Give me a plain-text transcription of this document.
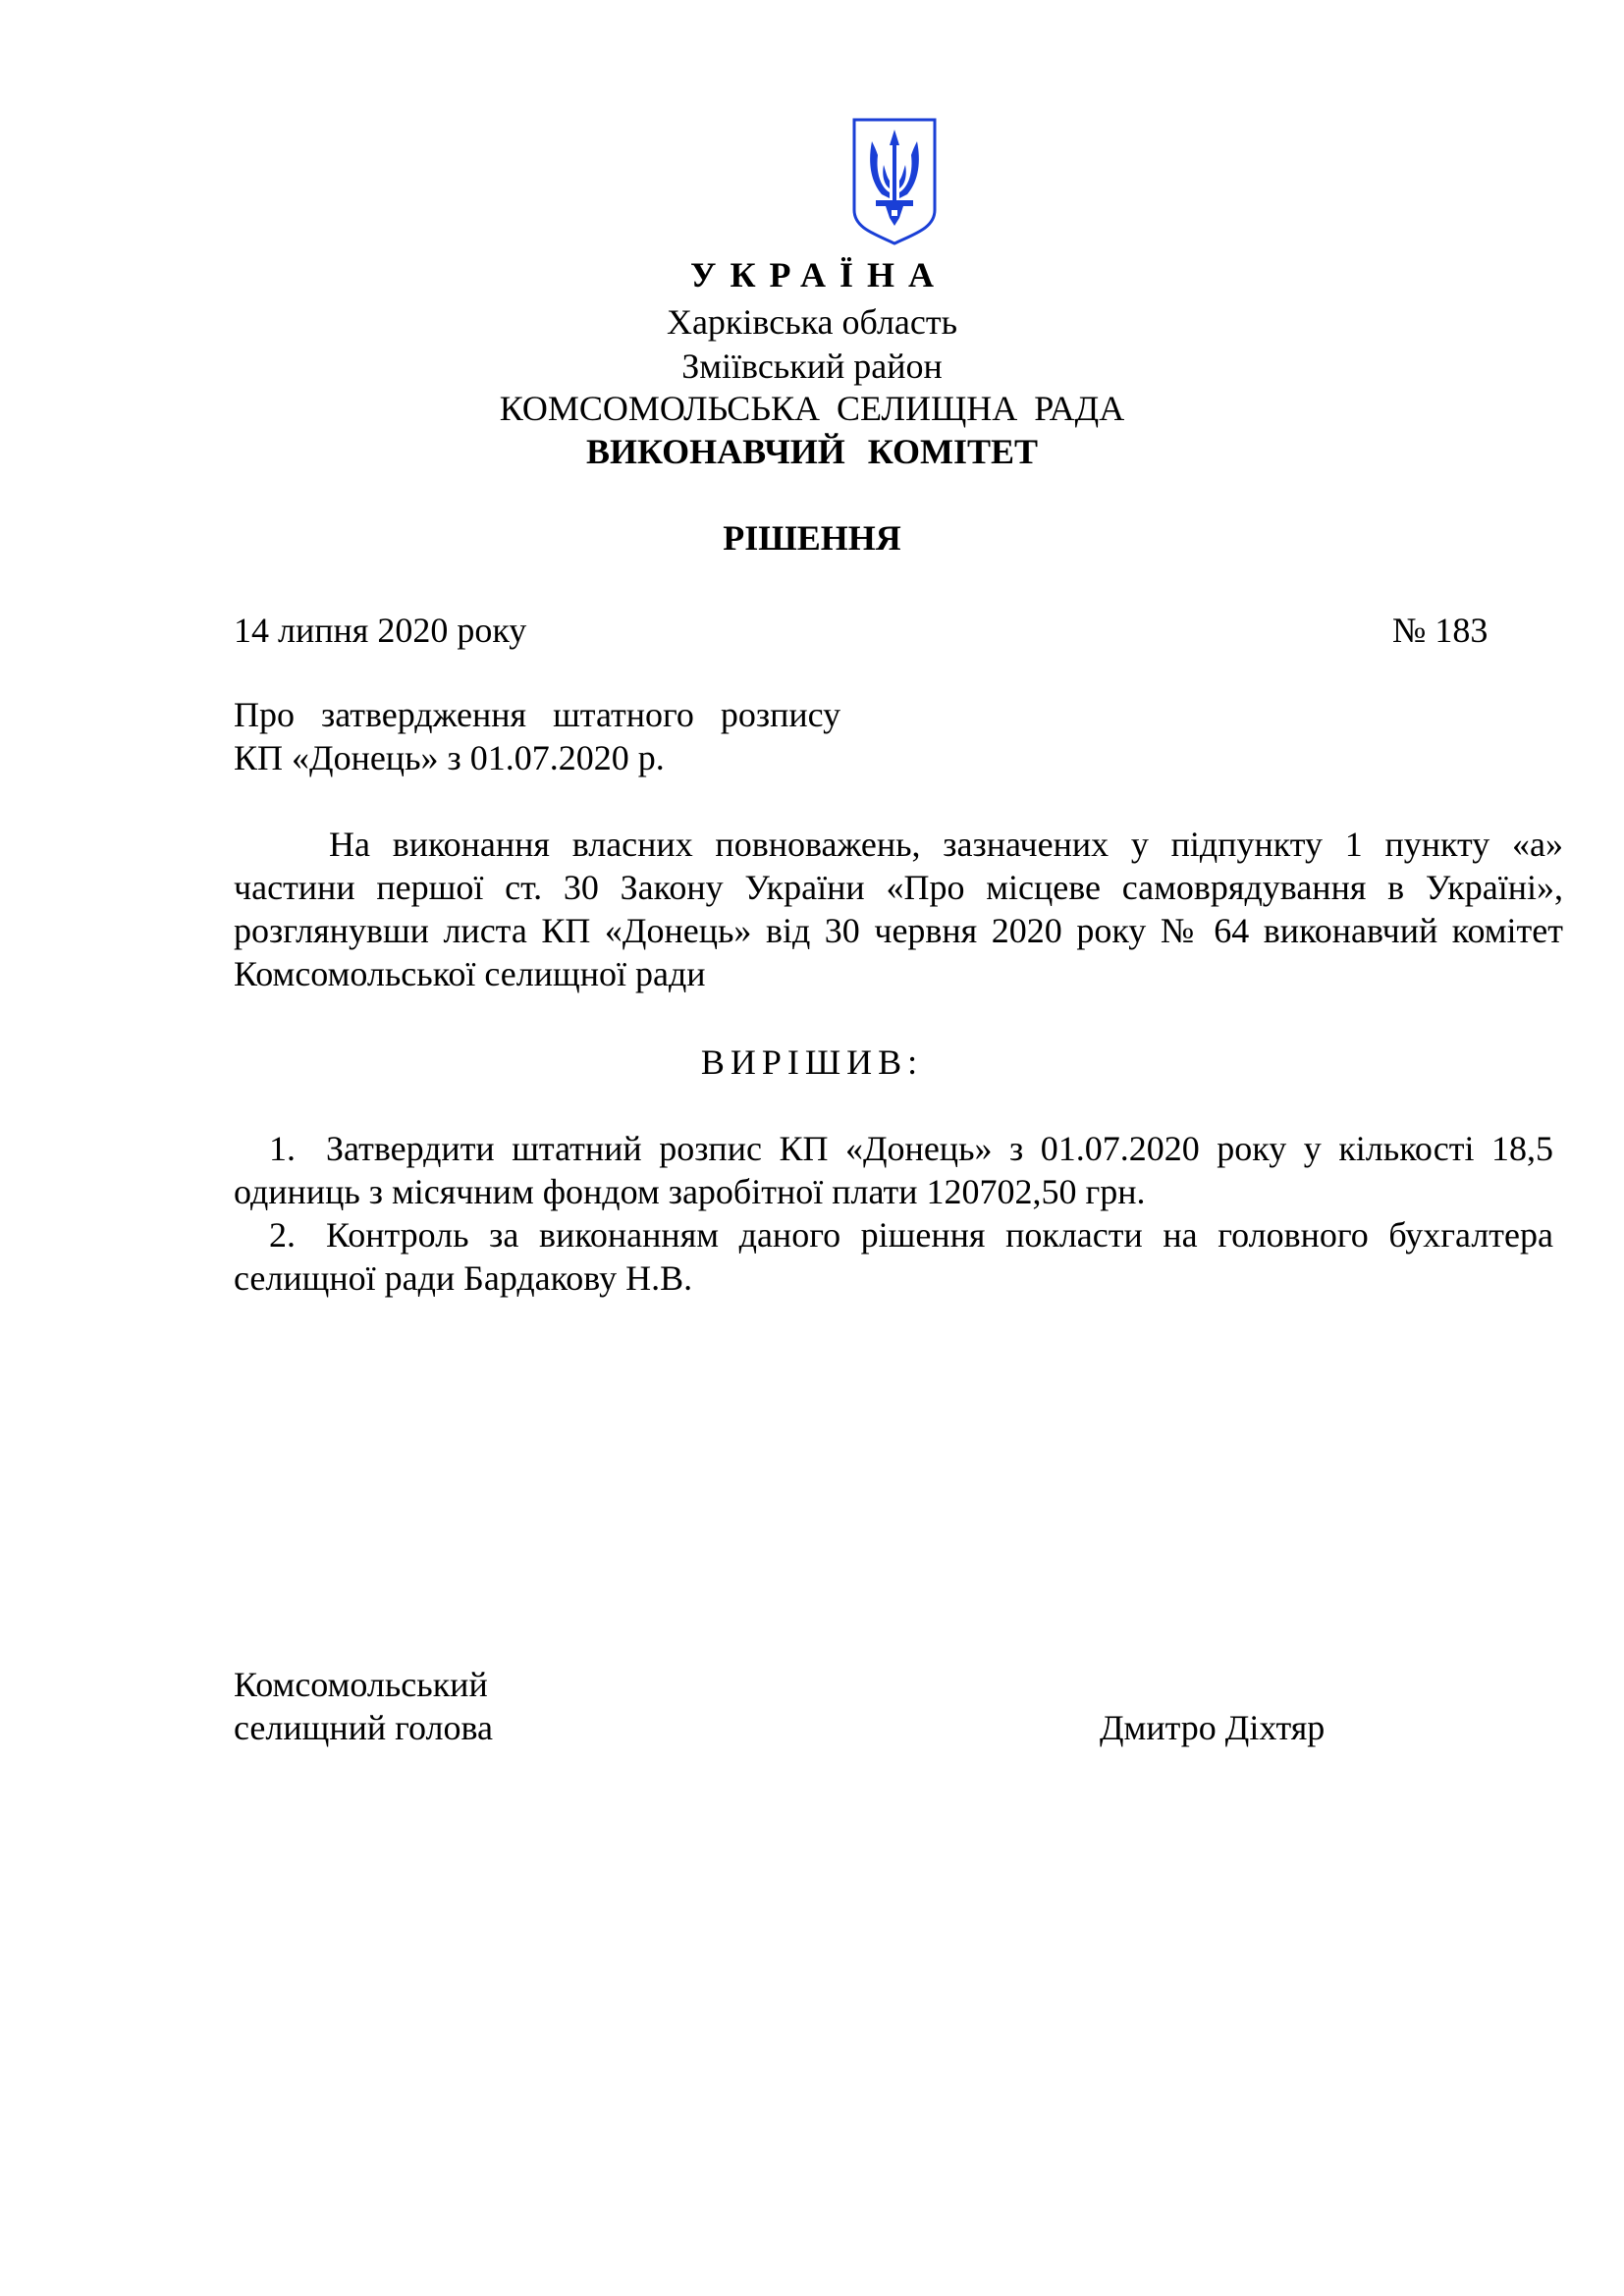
УКРАЇНА
Харківська область
Зміївський район
КОМСОМОЛЬСЬКА СЕЛИЩНА РАДА
ВИКОНАВЧИЙ КОМІТЕТ
РІШЕННЯ
14 липня 2020 року	№ 183
Про затвердження штатного розпису
КП «Донець» з 01.07.2020 р.

На виконання власних повноважень, зазначених у підпункту 1 пункту «а» частини першої ст. 30 Закону України «Про місцеве самоврядування в Україні», розглянувши листа КП «Донець» від 30 червня 2020 року № 64 виконавчий комітет Комсомольської селищної ради

ВИРІШИВ:
1. Затвердити штатний розпис КП «Донець» з 01.07.2020 року у кількості 18,5 одиниць з місячним фондом заробітної плати 120702,50 грн.
2. Контроль за виконанням даного рішення покласти на головного бухгалтера селищної ради Бардакову Н.В.
Комсомольський
селищний голова	Дмитро Діхтяр
